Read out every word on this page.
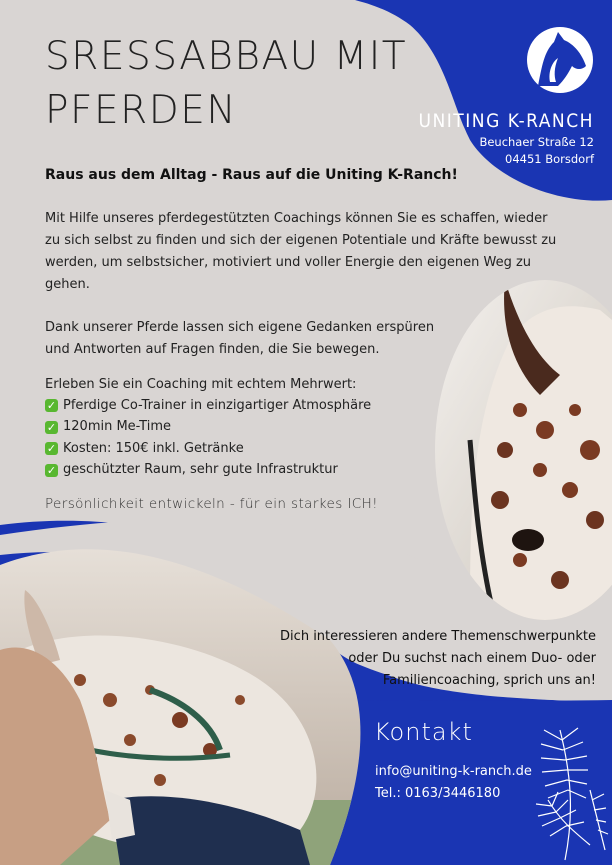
SRESSABBAU MIT
PFERDEN	UNITING K-RANCH
Beuchaer Straße 12
04451 Borsdorf
Raus aus dem Alltag - Raus auf die Uniting K-Ranch!
Mit Hilfe unseres pferdegestützten Coachings können Sie es schaffen, wieder zu sich selbst zu finden und sich der eigenen Potentiale und Kräfte bewusst zu werden, um selbstsicher, motiviert und voller Energie den eigenen Weg zu gehen.
Dank unserer Pferde lassen sich eigene Gedanken erspüren und Antworten auf Fragen finden, die Sie bewegen.
Erleben Sie ein Coaching mit echtem Mehrwert:
✓ Pferdige Co-Trainer in einzigartiger Atmosphäre
✓ 120min Me-Time
✓ Kosten: 150€ inkl. Getränke
✓ geschützter Raum, sehr gute Infrastruktur
Persönlichkeit entwickeln - für ein starkes ICH!
Dich interessieren andere Themenschwerpunkte
oder Du suchst nach einem Duo- oder
Familiencoaching, sprich uns an!
Kontakt
info@uniting-k-ranch.de
Tel.: 0163/3446180
